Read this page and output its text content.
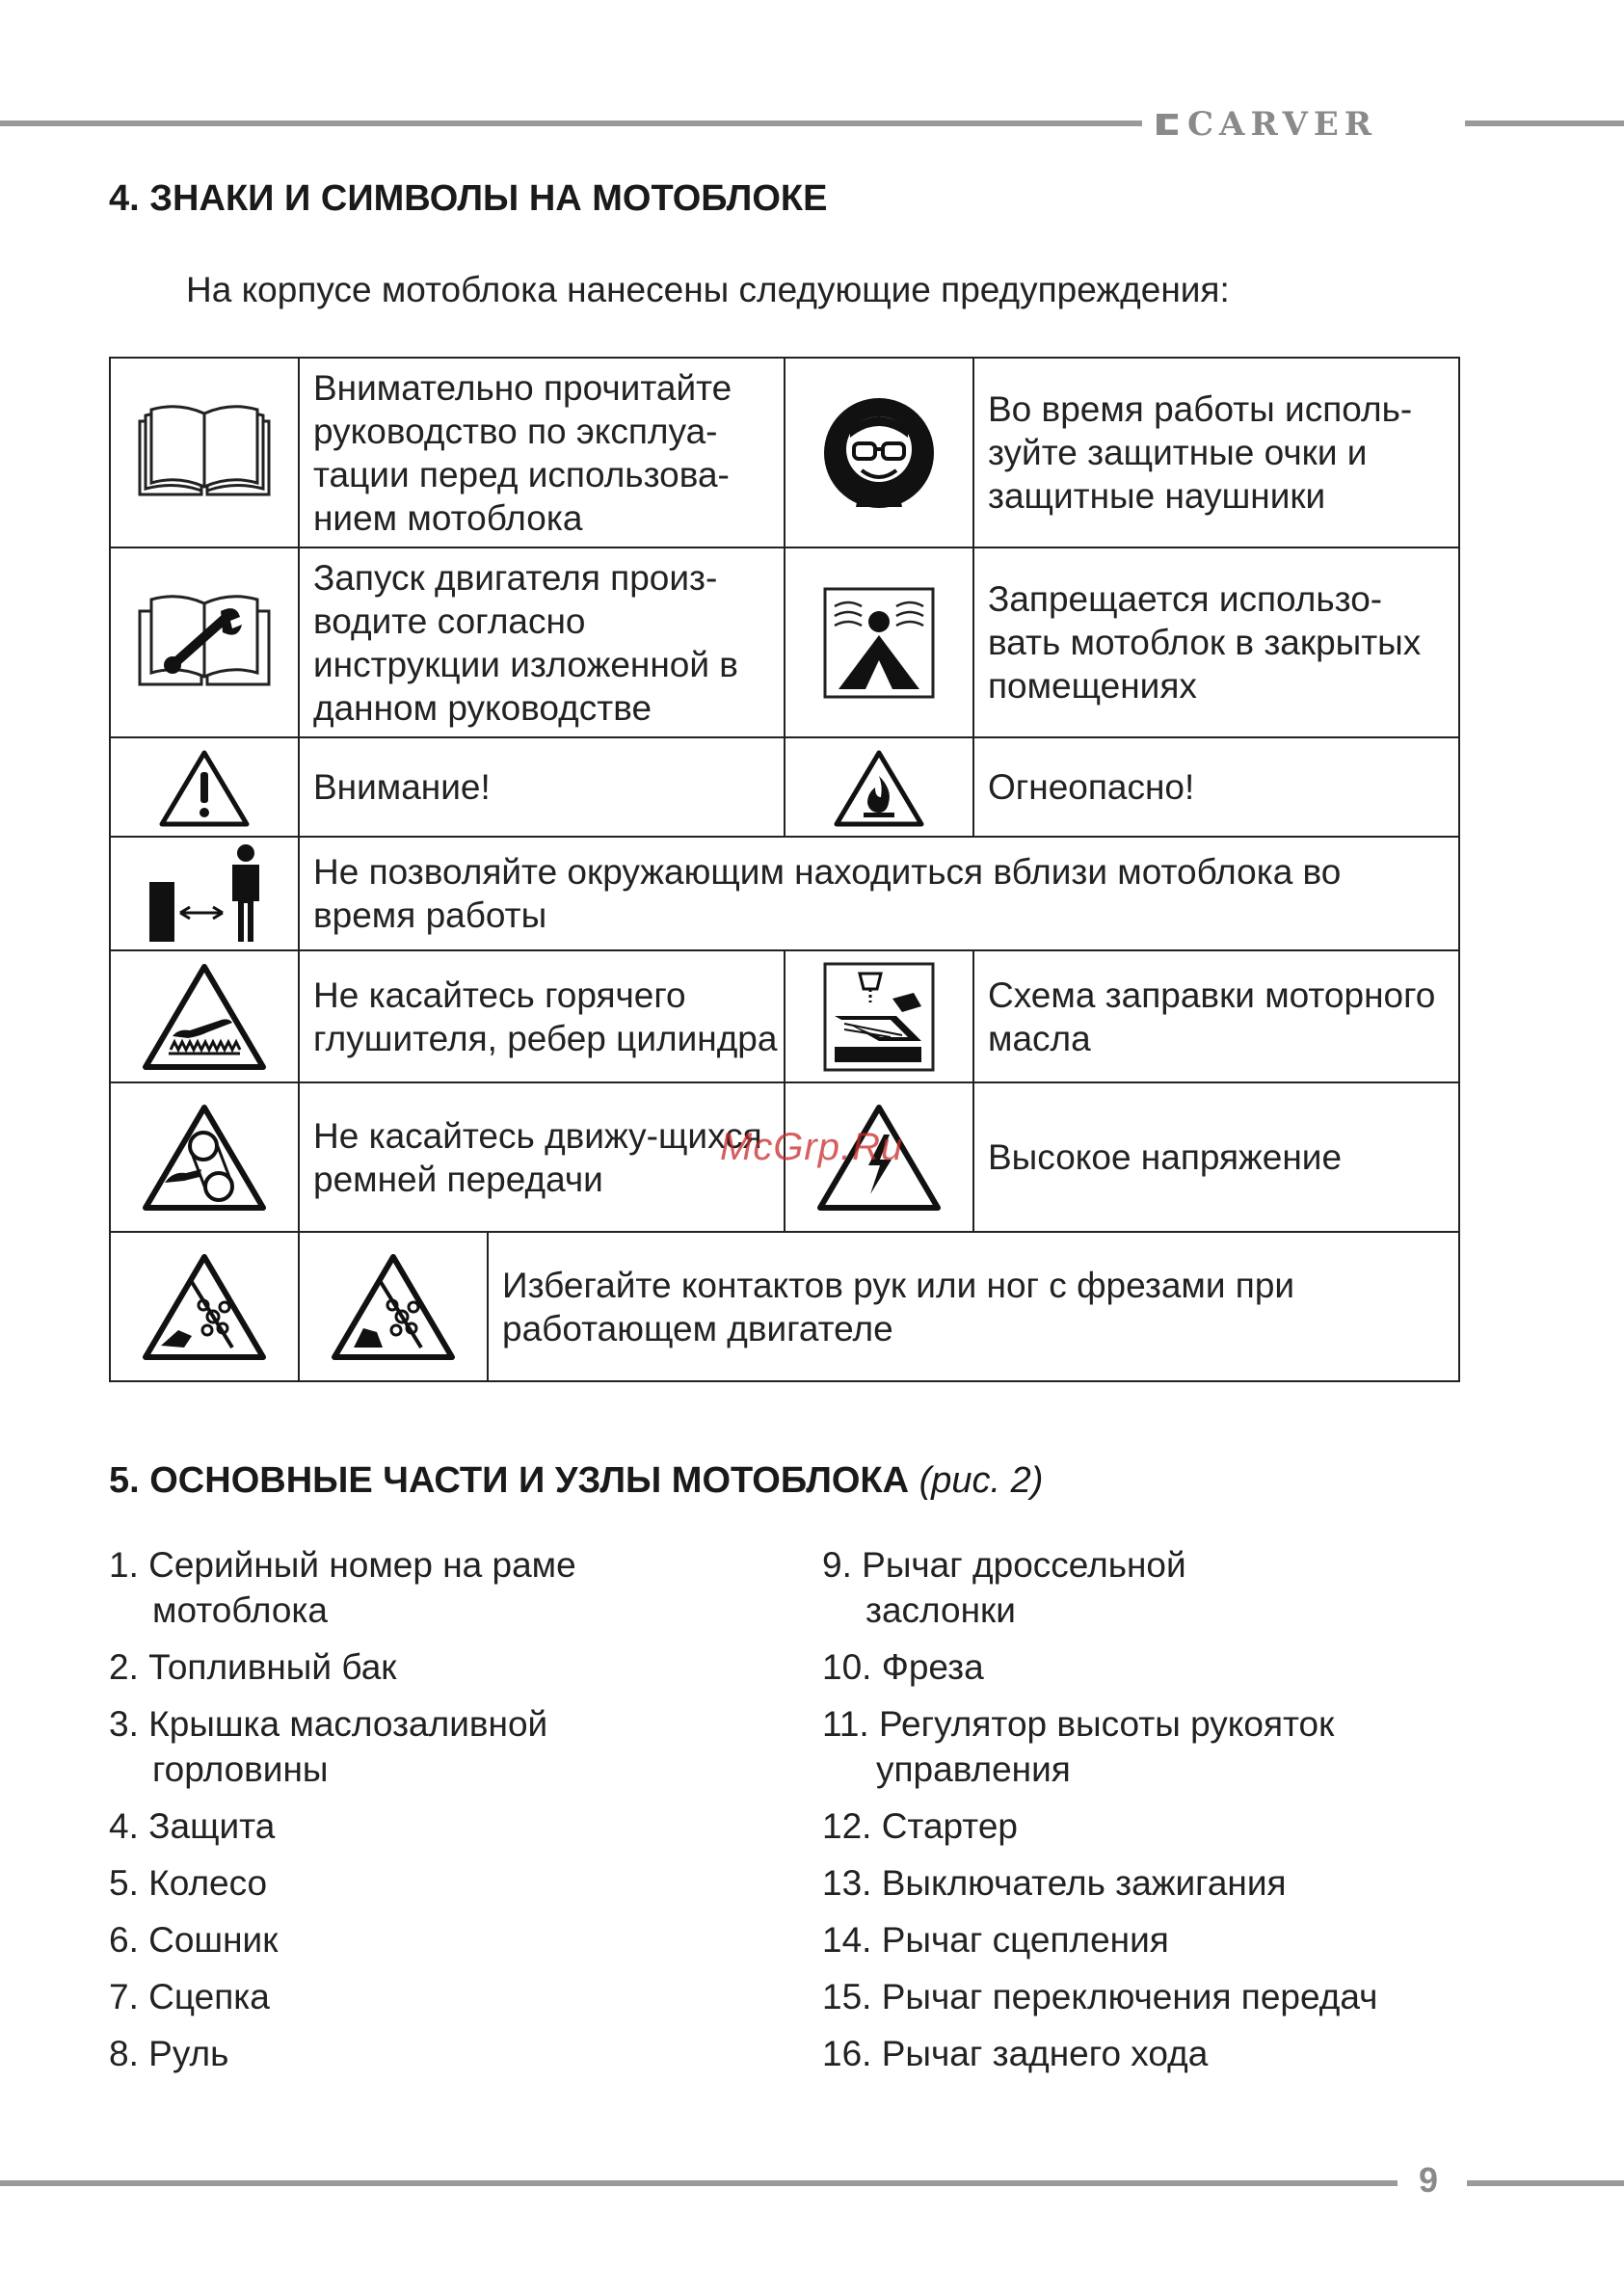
CARVER
4. ЗНАКИ И СИМВОЛЫ НА МОТОБЛОКЕ

На корпусе мотоблока нанесены следующие предупреждения:

	Внимательно прочитайте руководство по эксплуа-тации перед использова-нием мотоблока			Во время работы исполь-зуйте защитные очки и защитные наушники

	Запуск двигателя произ-водите согласно инструкции изложенной в данном руководстве			Запрещается использо-вать мотоблок в закрытых помещениях

	Внимание!			Огнеопасно!

	Не позволяйте окружающим находиться вблизи мотоблока во время работы			

	Не касайтесь горячего глушителя, ребер цилиндра			Схема заправки моторного масла

	Не касайтесь движу-щихся ремней передачи			Высокое напряжение

	Избегайте контактов рук или ног с фрезами при работающем двигателе		
McGrp.Ru
5. ОСНОВНЫЕ ЧАСТИ И УЗЛЫ МОТОБЛОКА (рис. 2)
1. Серийный номер на раме
мотоблока
2. Топливный бак
3. Крышка маслозаливной
горловины
4. Защита
5. Колесо
6. Сошник
7. Сцепка
8. Руль
9. Рычаг дроссельной
заслонки
10. Фреза
11. Регулятор высоты рукояток
управления
12. Стартер
13. Выключатель зажигания
14. Рычаг сцепления
15. Рычаг переключения передач
16. Рычаг заднего хода
9
